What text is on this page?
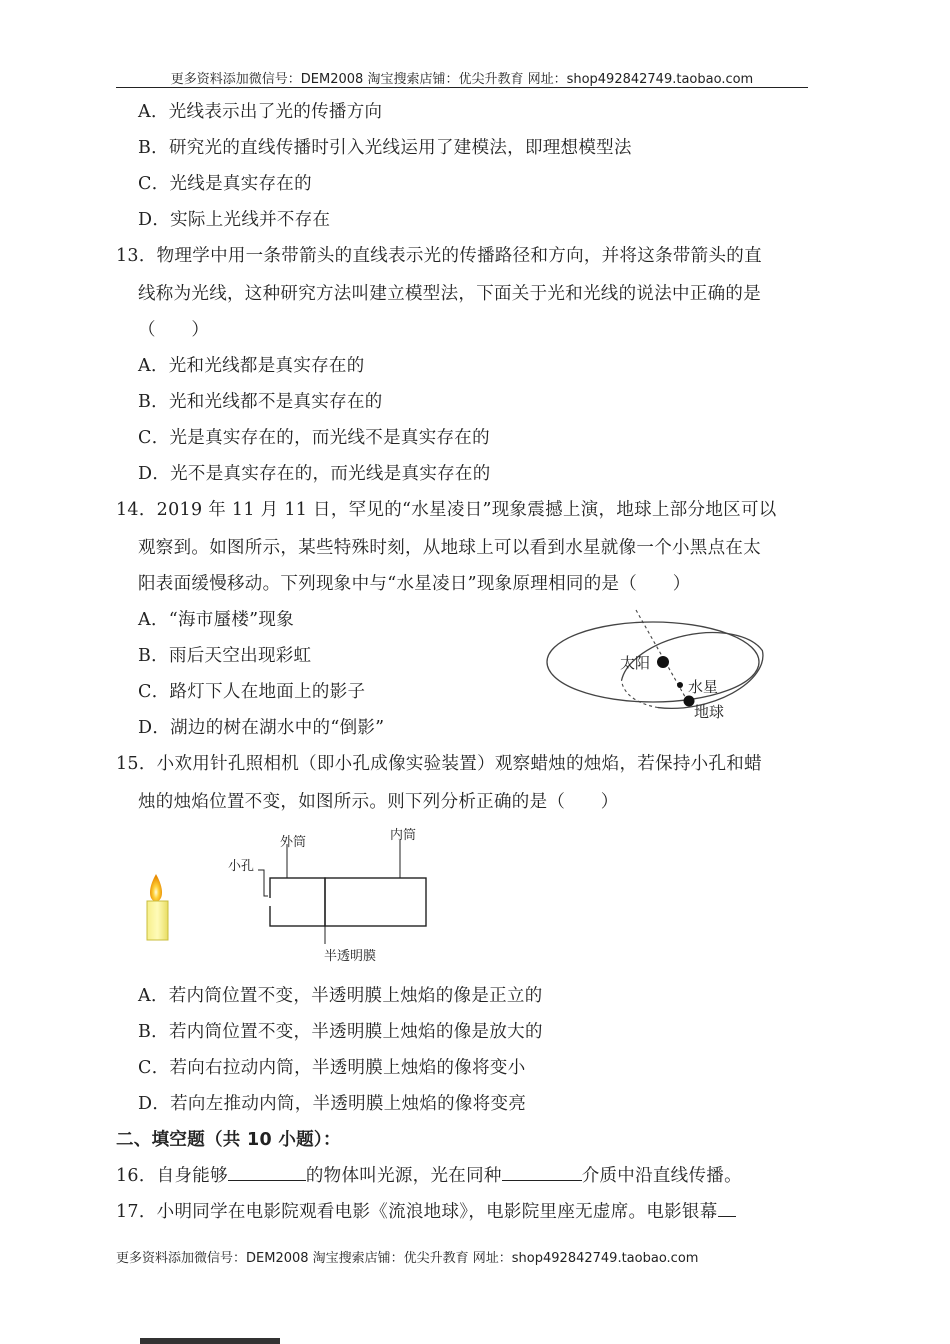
更多资料添加微信号：DEM2008 淘宝搜索店铺：优尖升教育 网址：shop492842749.taobao.com
A．光线表示出了光的传播方向
B．研究光的直线传播时引入光线运用了建模法，即理想模型法
C．光线是真实存在的
D．实际上光线并不存在
13．物理学中用一条带箭头的直线表示光的传播路径和方向，并将这条带箭头的直
线称为光线，这种研究方法叫建立模型法，下面关于光和光线的说法中正确的是
（　　）
A．光和光线都是真实存在的
B．光和光线都不是真实存在的
C．光是真实存在的，而光线不是真实存在的
D．光不是真实存在的，而光线是真实存在的
14．2019 年 11 月 11 日，罕见的“水星凌日”现象震撼上演，地球上部分地区可以
观察到。如图所示，某些特殊时刻，从地球上可以看到水星就像一个小黑点在太
阳表面缓慢移动。下列现象中与“水星凌日”现象原理相同的是（　　）
A．“海市蜃楼”现象
B．雨后天空出现彩虹
C．路灯下人在地面上的影子
D．湖边的树在湖水中的“倒影”
太阳
水星
地球
15．小欢用针孔照相机（即小孔成像实验装置）观察蜡烛的烛焰，若保持小孔和蜡
烛的烛焰位置不变，如图所示。则下列分析正确的是（　　）
外筒	内筒
小孔
半透明膜
A．若内筒位置不变，半透明膜上烛焰的像是正立的
B．若内筒位置不变，半透明膜上烛焰的像是放大的
C．若向右拉动内筒，半透明膜上烛焰的像将变小
D．若向左推动内筒，半透明膜上烛焰的像将变亮
二、填空题（共 10 小题）：
16．自身能够	的物体叫光源，光在同种	介质中沿直线传播。
17．小明同学在电影院观看电影《流浪地球》，电影院里座无虚席。电影银幕
更多资料添加微信号：DEM2008 淘宝搜索店铺：优尖升教育 网址：shop492842749.taobao.com
